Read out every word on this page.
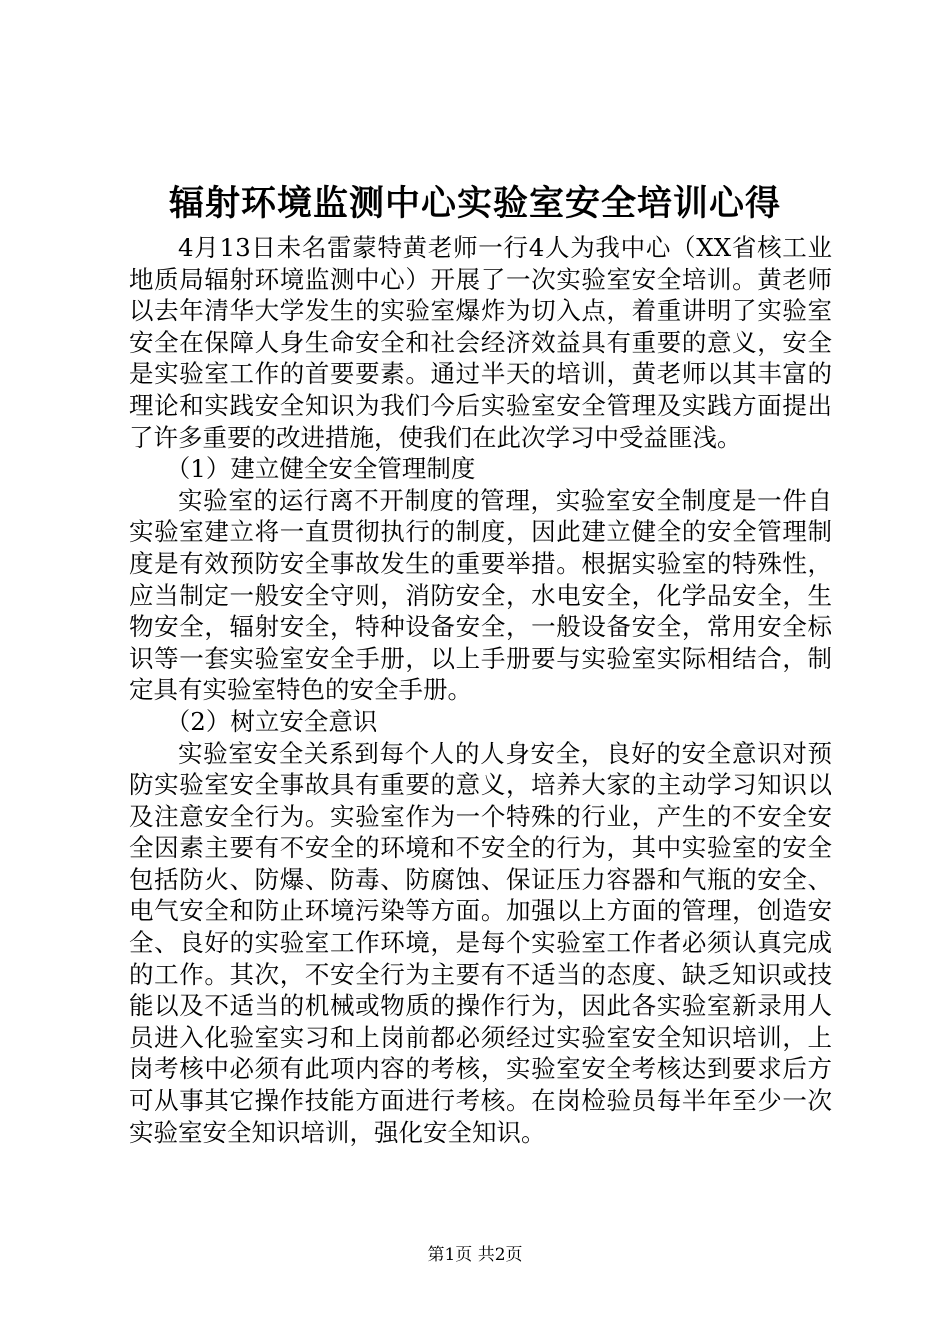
辐射环境监测中心实验室安全培训心得

4月13日未名雷蒙特黄老师一行4人为我中心（XX省核工业地质局辐射环境监测中心）开展了一次实验室安全培训。黄老师以去年清华大学发生的实验室爆炸为切入点，着重讲明了实验室安全在保障人身生命安全和社会经济效益具有重要的意义，安全是实验室工作的首要要素。通过半天的培训，黄老师以其丰富的理论和实践安全知识为我们今后实验室安全管理及实践方面提出了许多重要的改进措施，使我们在此次学习中受益匪浅。

（1）建立健全安全管理制度

实验室的运行离不开制度的管理，实验室安全制度是一件自实验室建立将一直贯彻执行的制度，因此建立健全的安全管理制度是有效预防安全事故发生的重要举措。根据实验室的特殊性，应当制定一般安全守则，消防安全，水电安全，化学品安全，生物安全，辐射安全，特种设备安全，一般设备安全，常用安全标识等一套实验室安全手册，以上手册要与实验室实际相结合，制定具有实验室特色的安全手册。

（2）树立安全意识

实验室安全关系到每个人的人身安全，良好的安全意识对预防实验室安全事故具有重要的意义，培养大家的主动学习知识以及注意安全行为。实验室作为一个特殊的行业，产生的不安全安全因素主要有不安全的环境和不安全的行为，其中实验室的安全包括防火、防爆、防毒、防腐蚀、保证压力容器和气瓶的安全、电气安全和防止环境污染等方面。加强以上方面的管理，创造安全、良好的实验室工作环境，是每个实验室工作者必须认真完成的工作。其次，不安全行为主要有不适当的态度、缺乏知识或技能以及不适当的机械或物质的操作行为，因此各实验室新录用人员进入化验室实习和上岗前都必须经过实验室安全知识培训，上岗考核中必须有此项内容的考核，实验室安全考核达到要求后方可从事其它操作技能方面进行考核。在岗检验员每半年至少一次实验室安全知识培训，强化安全知识。

第1页 共2页
